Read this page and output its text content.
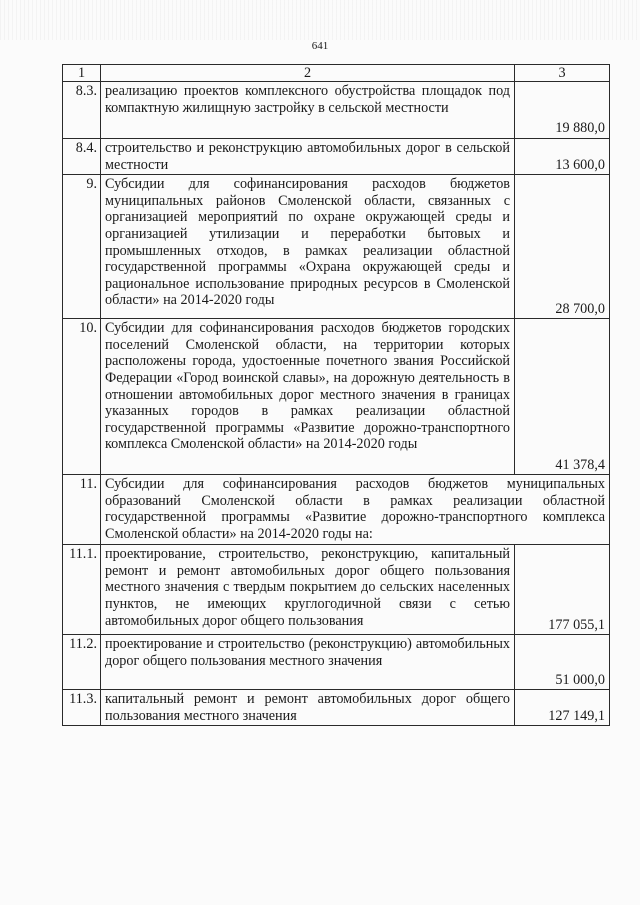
641
1	2	3
8.3.	реализацию проектов комплексного обустройства площадок под компактную жилищную застройку в сельской местности	19 880,0
8.4.	строительство и реконструкцию автомобильных дорог в сельской местности	13 600,0
9.	Субсидии для софинансирования расходов бюджетов муниципальных районов Смоленской области, связанных с организацией мероприятий по охране окружающей среды и организацией утилизации и переработки бытовых и промышленных отходов, в рамках реализации областной государственной программы «Охрана окружающей среды и рациональное использование природных ресурсов в Смоленской области» на 2014-2020 годы	28 700,0
10.	Субсидии для софинансирования расходов бюджетов городских поселений Смоленской области, на территории которых расположены города, удостоенные почетного звания Российской Федерации «Город воинской славы», на дорожную деятельность в отношении автомобильных дорог местного значения в границах указанных городов в рамках реализации областной государственной программы «Развитие дорожно-транспортного комплекса Смоленской области» на 2014-2020 годы	41 378,4
11.	Субсидии для софинансирования расходов бюджетов муниципальных образований Смоленской области в рамках реализации областной государственной программы «Развитие дорожно-транспортного комплекса Смоленской области» на 2014-2020 годы на:	
11.1.	проектирование, строительство, реконструкцию, капитальный ремонт и ремонт автомобильных дорог общего пользования местного значения с твердым покрытием до сельских населенных пунктов, не имеющих круглогодичной связи с сетью автомобильных дорог общего пользования	177 055,1
11.2.	проектирование и строительство (реконструкцию) автомобильных дорог общего пользования местного значения	51 000,0
11.3.	капитальный ремонт и ремонт автомобильных дорог общего пользования местного значения	127 149,1
